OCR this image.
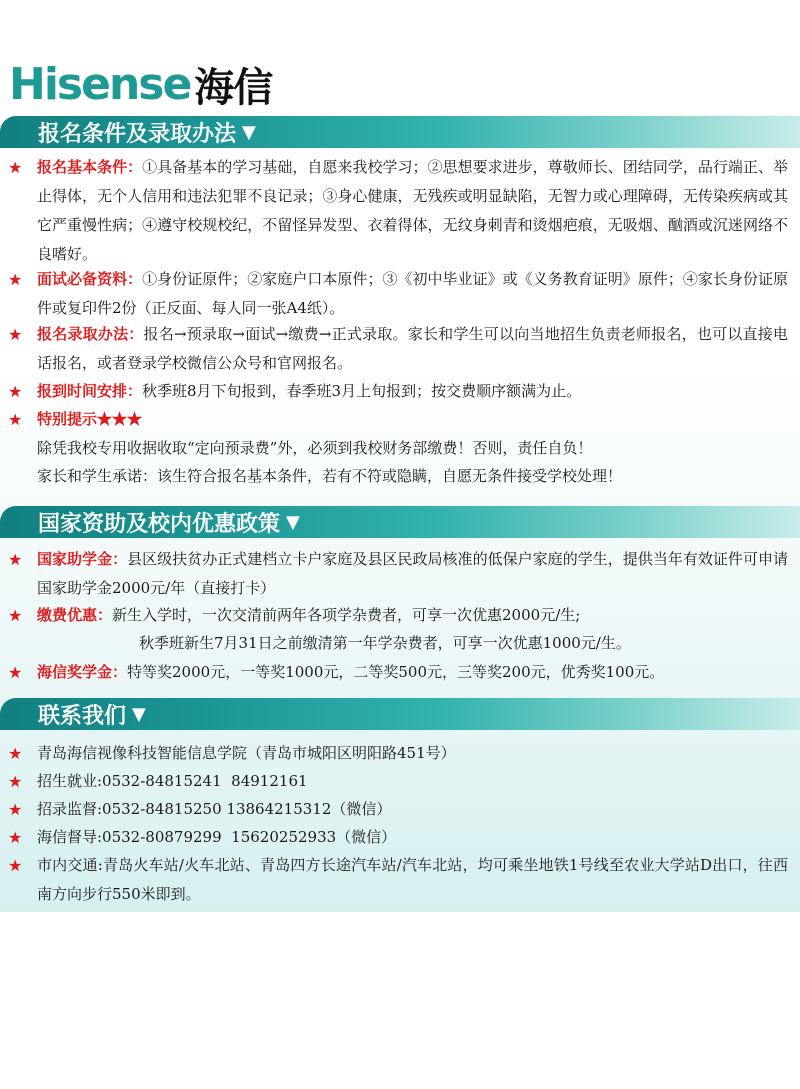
Hisense 海信
报名条件及录取办法 ▼
★ 报名基本条件：①具备基本的学习基础，自愿来我校学习；②思想要求进步，尊敬师长、团结同学，品行端正、举止得体，无个人信用和违法犯罪不良记录；③身心健康，无残疾或明显缺陷，无智力或心理障碍，无传染疾病或其它严重慢性病；④遵守校规校纪，不留怪异发型、衣着得体，无纹身刺青和烫烟疤痕，无吸烟、酗酒或沉迷网络不良嗜好。
★ 面试必备资料：①身份证原件；②家庭户口本原件；③《初中毕业证》或《义务教育证明》原件；④家长身份证原件或复印件2份（正反面、每人同一张A4纸）。
★ 报名录取办法：报名→预录取→面试→缴费→正式录取。家长和学生可以向当地招生负责老师报名，也可以直接电话报名，或者登录学校微信公众号和官网报名。
★ 报到时间安排：秋季班8月下旬报到，春季班3月上旬报到；按交费顺序额满为止。
★ 特别提示★★★
除凭我校专用收据收取“定向预录费”外，必须到我校财务部缴费！否则，责任自负！
家长和学生承诺：该生符合报名基本条件，若有不符或隐瞒，自愿无条件接受学校处理！
国家资助及校内优惠政策 ▼
★ 国家助学金：县区级扶贫办正式建档立卡户家庭及县区民政局核准的低保户家庭的学生，提供当年有效证件可申请国家助学金2000元/年（直接打卡）
★ 缴费优惠：新生入学时，一次交清前两年各项学杂费者，可享一次优惠2000元/生;
秋季班新生7月31日之前缴清第一年学杂费者，可享一次优惠1000元/生。
★ 海信奖学金：特等奖2000元，一等奖1000元，二等奖500元，三等奖200元，优秀奖100元。
联系我们 ▼
★ 青岛海信视像科技智能信息学院（青岛市城阳区明阳路451号）
★ 招生就业:0532-84815241  84912161
★ 招录监督:0532-84815250 13864215312（微信）
★ 海信督导:0532-80879299  15620252933（微信）
★ 市内交通:青岛火车站/火车北站、青岛四方长途汽车站/汽车北站，均可乘坐地铁1号线至农业大学站D出口，往西南方向步行550米即到。
